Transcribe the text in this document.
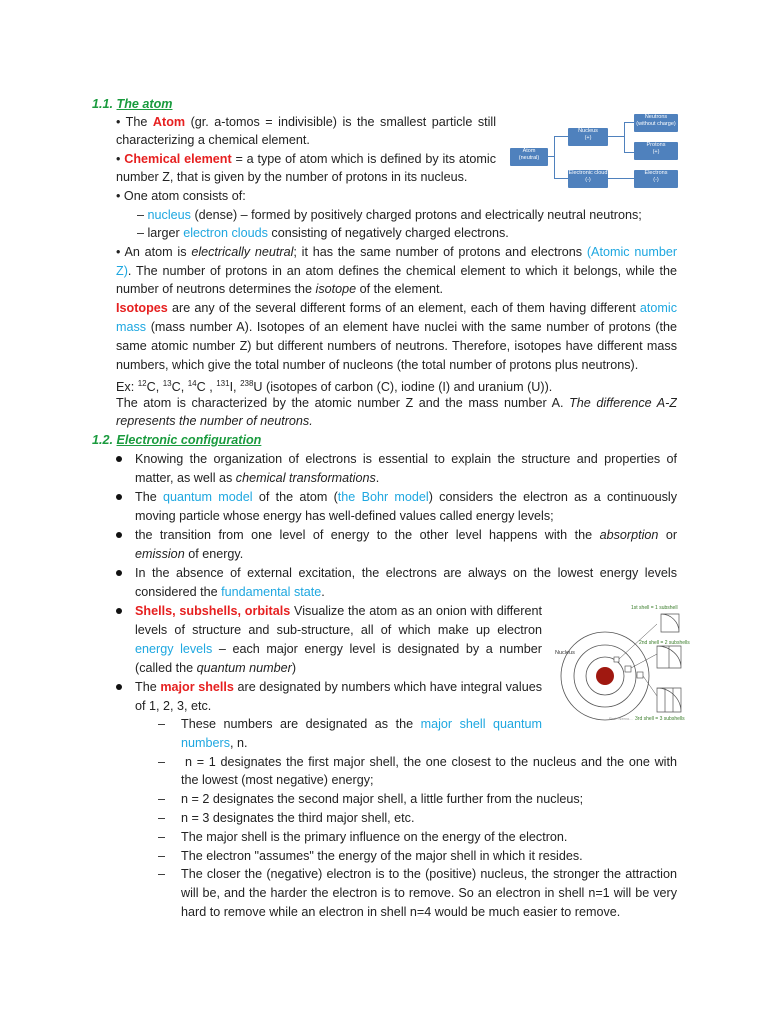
1.1. The atom
• The Atom (gr. a-tomos = indivisible) is the smallest particle still
characterizing a chemical element.
• Chemical element = a type of atom which is defined by its atomic
number Z, that is given by the number of protons in its nucleus.
• One atom consists of:
– nucleus (dense) – formed by positively charged protons and electrically neutral neutrons;
– larger electron clouds consisting of negatively charged electrons.
• An atom is electrically neutral; it has the same number of protons and electrons (Atomic number
Z). The number of protons in an atom defines the chemical element to which it belongs, while the
number of neutrons determines the isotope of the element.
Isotopes are any of the several different forms of an element, each of them having different atomic
mass (mass number A). Isotopes of an element have nuclei with the same number of protons (the
same atomic number Z) but different numbers of neutrons. Therefore, isotopes have different mass
numbers, which give the total number of nucleons (the total number of protons plus neutrons).
Ex: $^{12}$C, $^{13}$C, $^{14}$C , $^{131}$I, $^{238}$U (isotopes of carbon (C), iodine (I) and uranium (U)).
The atom is characterized by the atomic number Z and the mass number A. The difference A-Z
represents the number of neutrons.
Atom
(neutral)
Nucleus
(+)
Electronic cloud
(-)
Neutrons
(without charge)
Protons
(+)
Electrons
(-)
1.2. Electronic configuration
Knowing the organization of electrons is essential to explain the structure and properties of
matter, as well as chemical transformations.
The quantum model of the atom (the Bohr model) considers the electron as a continuously
moving particle whose energy has well-defined values called energy levels;
the transition from one level of energy to the other level happens with the absorption or
emission of energy.
In the absence of external excitation, the electrons are always on the lowest energy levels
considered the fundamental state.
Shells, subshells, orbitals Visualize the atom as an onion with different
levels of structure and sub-structure, all of which make up electron
energy levels – each major energy level is designated by a number
(called the quantum number)
The major shells are designated by numbers which have integral values
of 1, 2, 3, etc.
– These numbers are designated as the major shell quantum
numbers, n.
– n = 1 designates the first major shell, the one closest to the nucleus and the one with
the lowest (most negative) energy;
– n = 2 designates the second major shell, a little further from the nucleus;
– n = 3 designates the third major shell, etc.
– The major shell is the primary influence on the energy of the electron.
– The electron "assumes" the energy of the major shell in which it resides.
– The closer the (negative) electron is to the (positive) nucleus, the stronger the attraction
will be, and the harder the electron is to remove. So an electron in shell n=1 will be very
hard to remove while an electron in shell n=4 would be much easier to remove.
Nucleus
1st shell = 1 subshell
2nd shell = 2 subshells
3rd shell = 3 subshells
Prof. Nervo...
